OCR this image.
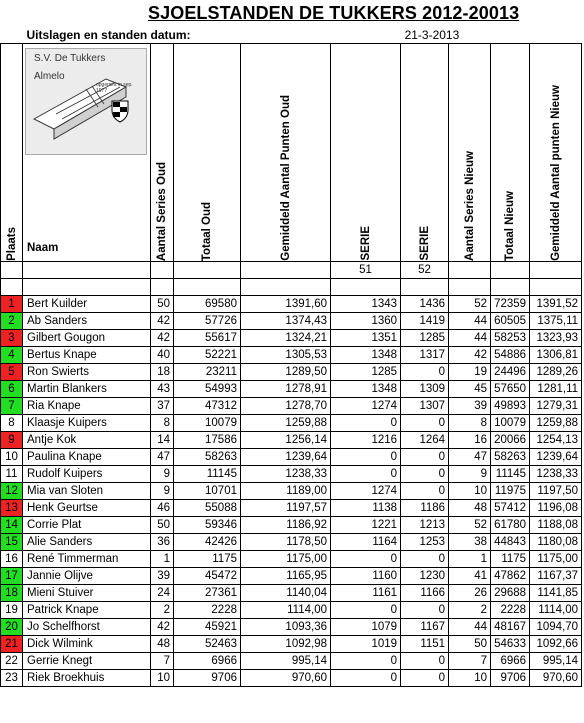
SJOELSTANDEN DE TUKKERS 2012-20013
	Uitslagen en standen datum:					21-3-2013			

Plaats	S.V. De Tukkers
Almelo
opgericht in sep. 1977
Naam	Aantal Series Oud	Totaal Oud	Gemiddeld Aantal Punten Oud	SERIE	SERIE	Aantal Series Nieuw	Totaal Nieuw	Gemiddeld Aantal punten Nieuw

					51	52			

1	Bert Kuilder	50	69580	1391,60	1343	1436	52	72359	1391,52
2	Ab Sanders	42	57726	1374,43	1360	1419	44	60505	1375,11
3	Gilbert Gougon	42	55617	1324,21	1351	1285	44	58253	1323,93
4	Bertus Knape	40	52221	1305,53	1348	1317	42	54886	1306,81
5	Ron Swierts	18	23211	1289,50	1285	0	19	24496	1289,26
6	Martin Blankers	43	54993	1278,91	1348	1309	45	57650	1281,11
7	Ria Knape	37	47312	1278,70	1274	1307	39	49893	1279,31
8	Klaasje Kuipers	8	10079	1259,88	0	0	8	10079	1259,88
9	Antje Kok	14	17586	1256,14	1216	1264	16	20066	1254,13
10	Paulina Knape	47	58263	1239,64	0	0	47	58263	1239,64
11	Rudolf Kuipers	9	11145	1238,33	0	0	9	11145	1238,33
12	Mia van Sloten	9	10701	1189,00	1274	0	10	11975	1197,50
13	Henk Geurtse	46	55088	1197,57	1138	1186	48	57412	1196,08
14	Corrie Plat	50	59346	1186,92	1221	1213	52	61780	1188,08
15	Alie Sanders	36	42426	1178,50	1164	1253	38	44843	1180,08
16	René Timmerman	1	1175	1175,00	0	0	1	1175	1175,00
17	Jannie Olijve	39	45472	1165,95	1160	1230	41	47862	1167,37
18	Mieni Stuiver	24	27361	1140,04	1161	1166	26	29688	1141,85
19	Patrick Knape	2	2228	1114,00	0	0	2	2228	1114,00
20	Jo Schelfhorst	42	45921	1093,36	1079	1167	44	48167	1094,70
21	Dick Wilmink	48	52463	1092,98	1019	1151	50	54633	1092,66
22	Gerrie Knegt	7	6966	995,14	0	0	7	6966	995,14
23	Riek Broekhuis	10	9706	970,60	0	0	10	9706	970,60
